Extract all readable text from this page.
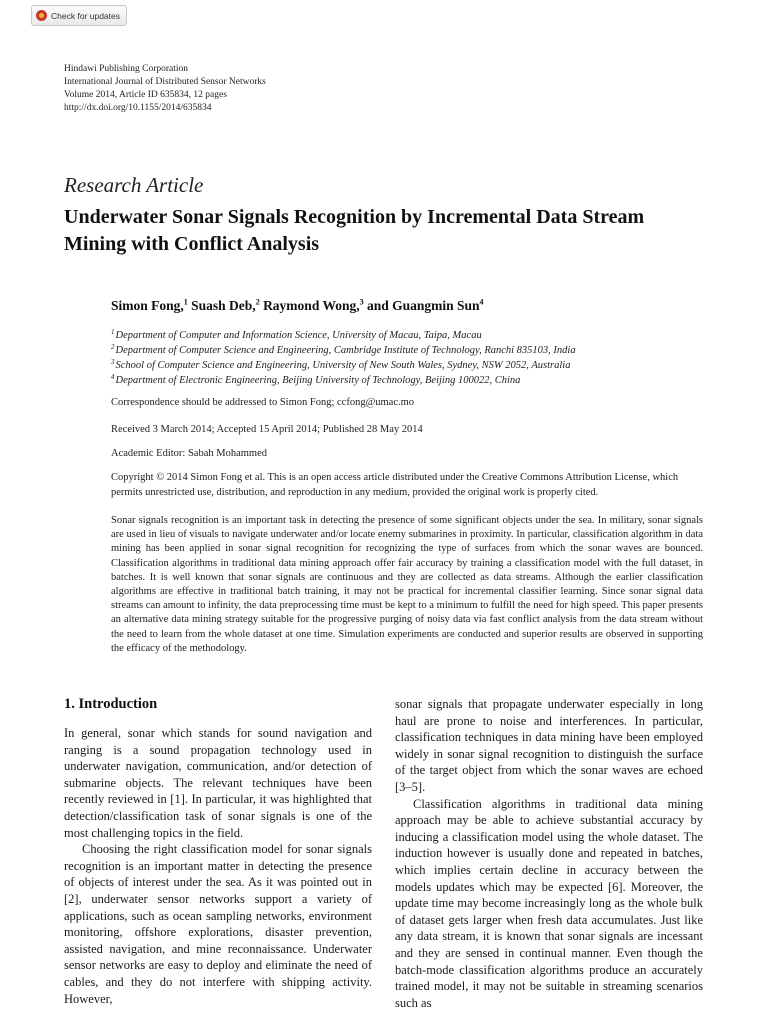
Check for updates
Hindawi Publishing Corporation
International Journal of Distributed Sensor Networks
Volume 2014, Article ID 635834, 12 pages
http://dx.doi.org/10.1155/2014/635834
Research Article
Underwater Sonar Signals Recognition by Incremental Data Stream Mining with Conflict Analysis
Simon Fong,$^1$ Suash Deb,$^2$ Raymond Wong,$^3$ and Guangmin Sun$^4$
$^1$Department of Computer and Information Science, University of Macau, Taipa, Macau
$^2$Department of Computer Science and Engineering, Cambridge Institute of Technology, Ranchi 835103, India
$^3$School of Computer Science and Engineering, University of New South Wales, Sydney, NSW 2052, Australia
$^4$Department of Electronic Engineering, Beijing University of Technology, Beijing 100022, China
Correspondence should be addressed to Simon Fong; ccfong@umac.mo
Received 3 March 2014; Accepted 15 April 2014; Published 28 May 2014
Academic Editor: Sabah Mohammed
Copyright © 2014 Simon Fong et al. This is an open access article distributed under the Creative Commons Attribution License, which permits unrestricted use, distribution, and reproduction in any medium, provided the original work is properly cited.
Sonar signals recognition is an important task in detecting the presence of some significant objects under the sea. In military, sonar signals are used in lieu of visuals to navigate underwater and/or locate enemy submarines in proximity. In particular, classification algorithm in data mining has been applied in sonar signal recognition for recognizing the type of surfaces from which the sonar waves are bounced. Classification algorithms in traditional data mining approach offer fair accuracy by training a classification model with the full dataset, in batches. It is well known that sonar signals are continuous and they are collected as data streams. Although the earlier classification algorithms are effective in traditional batch training, it may not be practical for incremental classifier learning. Since sonar signal data streams can amount to infinity, the data preprocessing time must be kept to a minimum to fulfill the need for high speed. This paper presents an alternative data mining strategy suitable for the progressive purging of noisy data via fast conflict analysis from the data stream without the need to learn from the whole dataset at one time. Simulation experiments are conducted and superior results are observed in supporting the efficacy of the methodology.
1. Introduction

In general, sonar which stands for sound navigation and ranging is a sound propagation technology used in underwater navigation, communication, and/or detection of submarine objects. The relevant techniques have been recently reviewed in [1]. In particular, it was highlighted that detection/classification task of sonar signals is one of the most challenging topics in the field.

Choosing the right classification model for sonar signals recognition is an important matter in detecting the presence of objects of interest under the sea. As it was pointed out in [2], underwater sensor networks support a variety of applications, such as ocean sampling networks, environment monitoring, offshore explorations, disaster prevention, assisted navigation, and mine reconnaissance. Underwater sensor networks are easy to deploy and eliminate the need of cables, and they do not interfere with shipping activity. However,

sonar signals that propagate underwater especially in long haul are prone to noise and interferences. In particular, classification techniques in data mining have been employed widely in sonar signal recognition to distinguish the surface of the target object from which the sonar waves are echoed [3–5].

Classification algorithms in traditional data mining approach may be able to achieve substantial accuracy by inducing a classification model using the whole dataset. The induction however is usually done and repeated in batches, which implies certain decline in accuracy between the models updates which may be expected [6]. Moreover, the update time may become increasingly long as the whole bulk of dataset gets larger when fresh data accumulates. Just like any data stream, it is known that sonar signals are incessant and they are sensed in continual manner. Even though the batch-mode classification algorithms produce an accurately trained model, it may not be suitable in streaming scenarios such as
